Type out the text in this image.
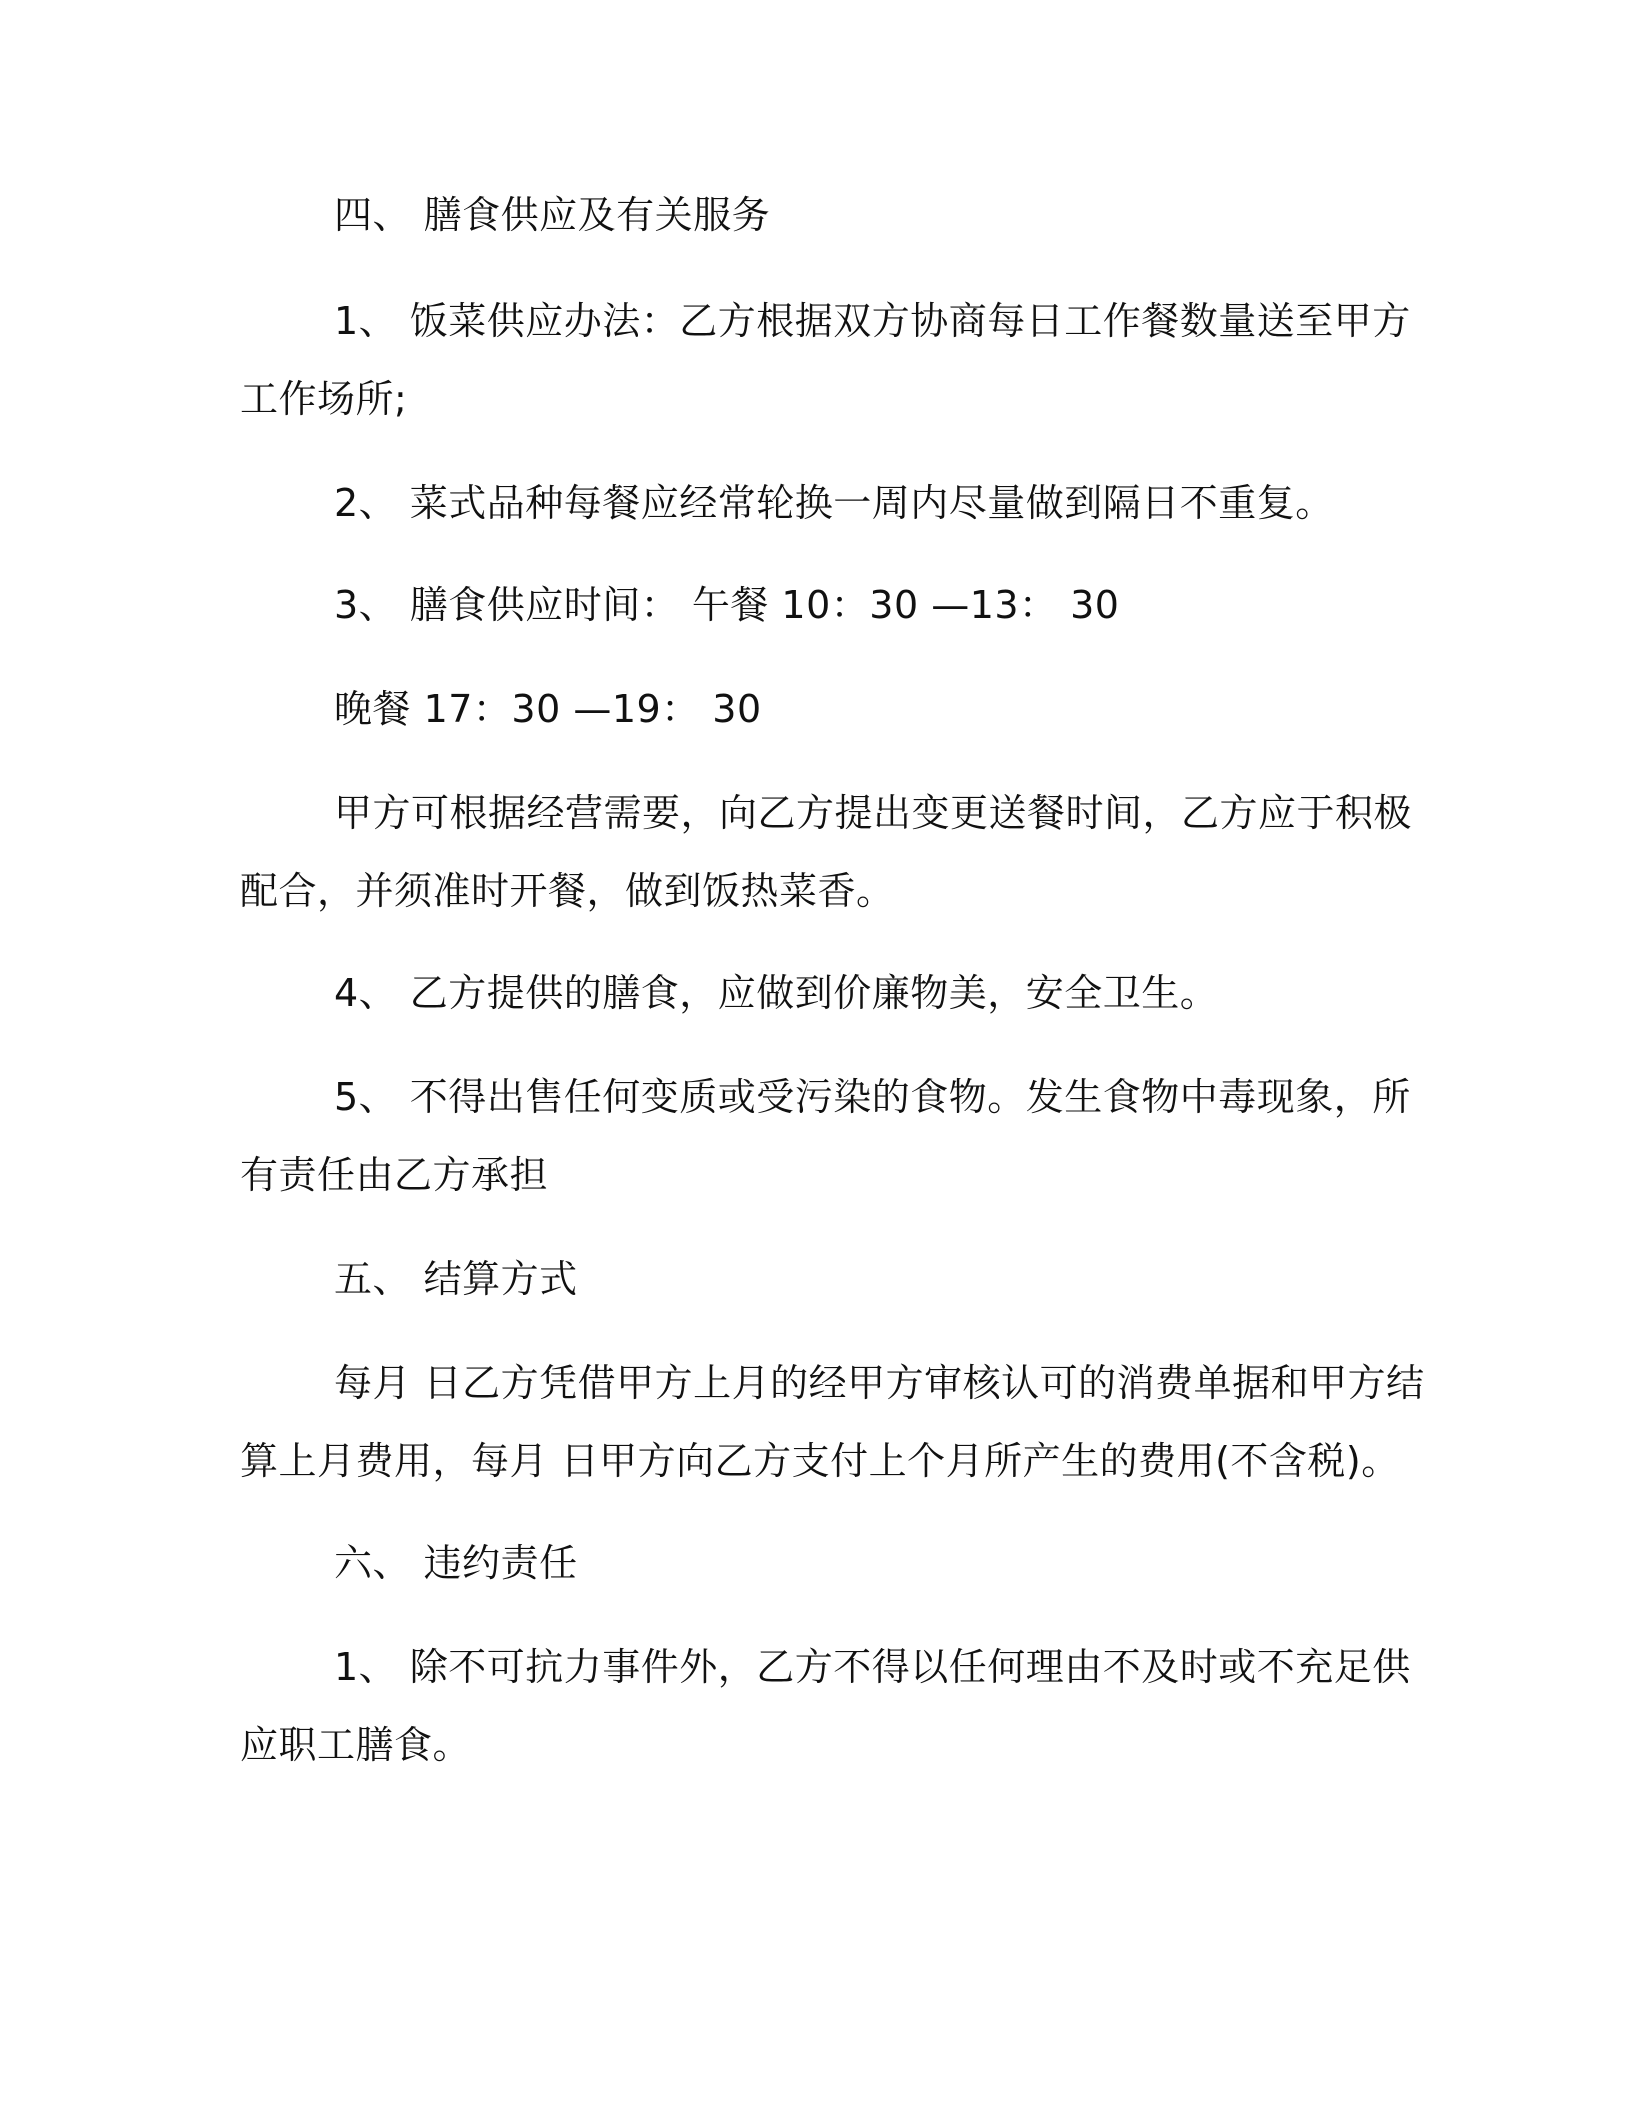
四、 膳食供应及有关服务
1、 饭菜供应办法：乙方根据双方协商每日工作餐数量送至甲方
工作场所;
2、 菜式品种每餐应经常轮换一周内尽量做到隔日不重复。
3、 膳食供应时间： 午餐 10：30 —13： 30
晚餐 17：30 —19： 30
甲方可根据经营需要，向乙方提出变更送餐时间，乙方应于积极
配合，并须准时开餐，做到饭热菜香。
4、 乙方提供的膳食，应做到价廉物美，安全卫生。
5、 不得出售任何变质或受污染的食物。发生食物中毒现象，所
有责任由乙方承担
五、 结算方式
每月 日乙方凭借甲方上月的经甲方审核认可的消费单据和甲方结
算上月费用，每月 日甲方向乙方支付上个月所产生的费用(不含税)。
六、 违约责任
1、 除不可抗力事件外，乙方不得以任何理由不及时或不充足供
应职工膳食。
